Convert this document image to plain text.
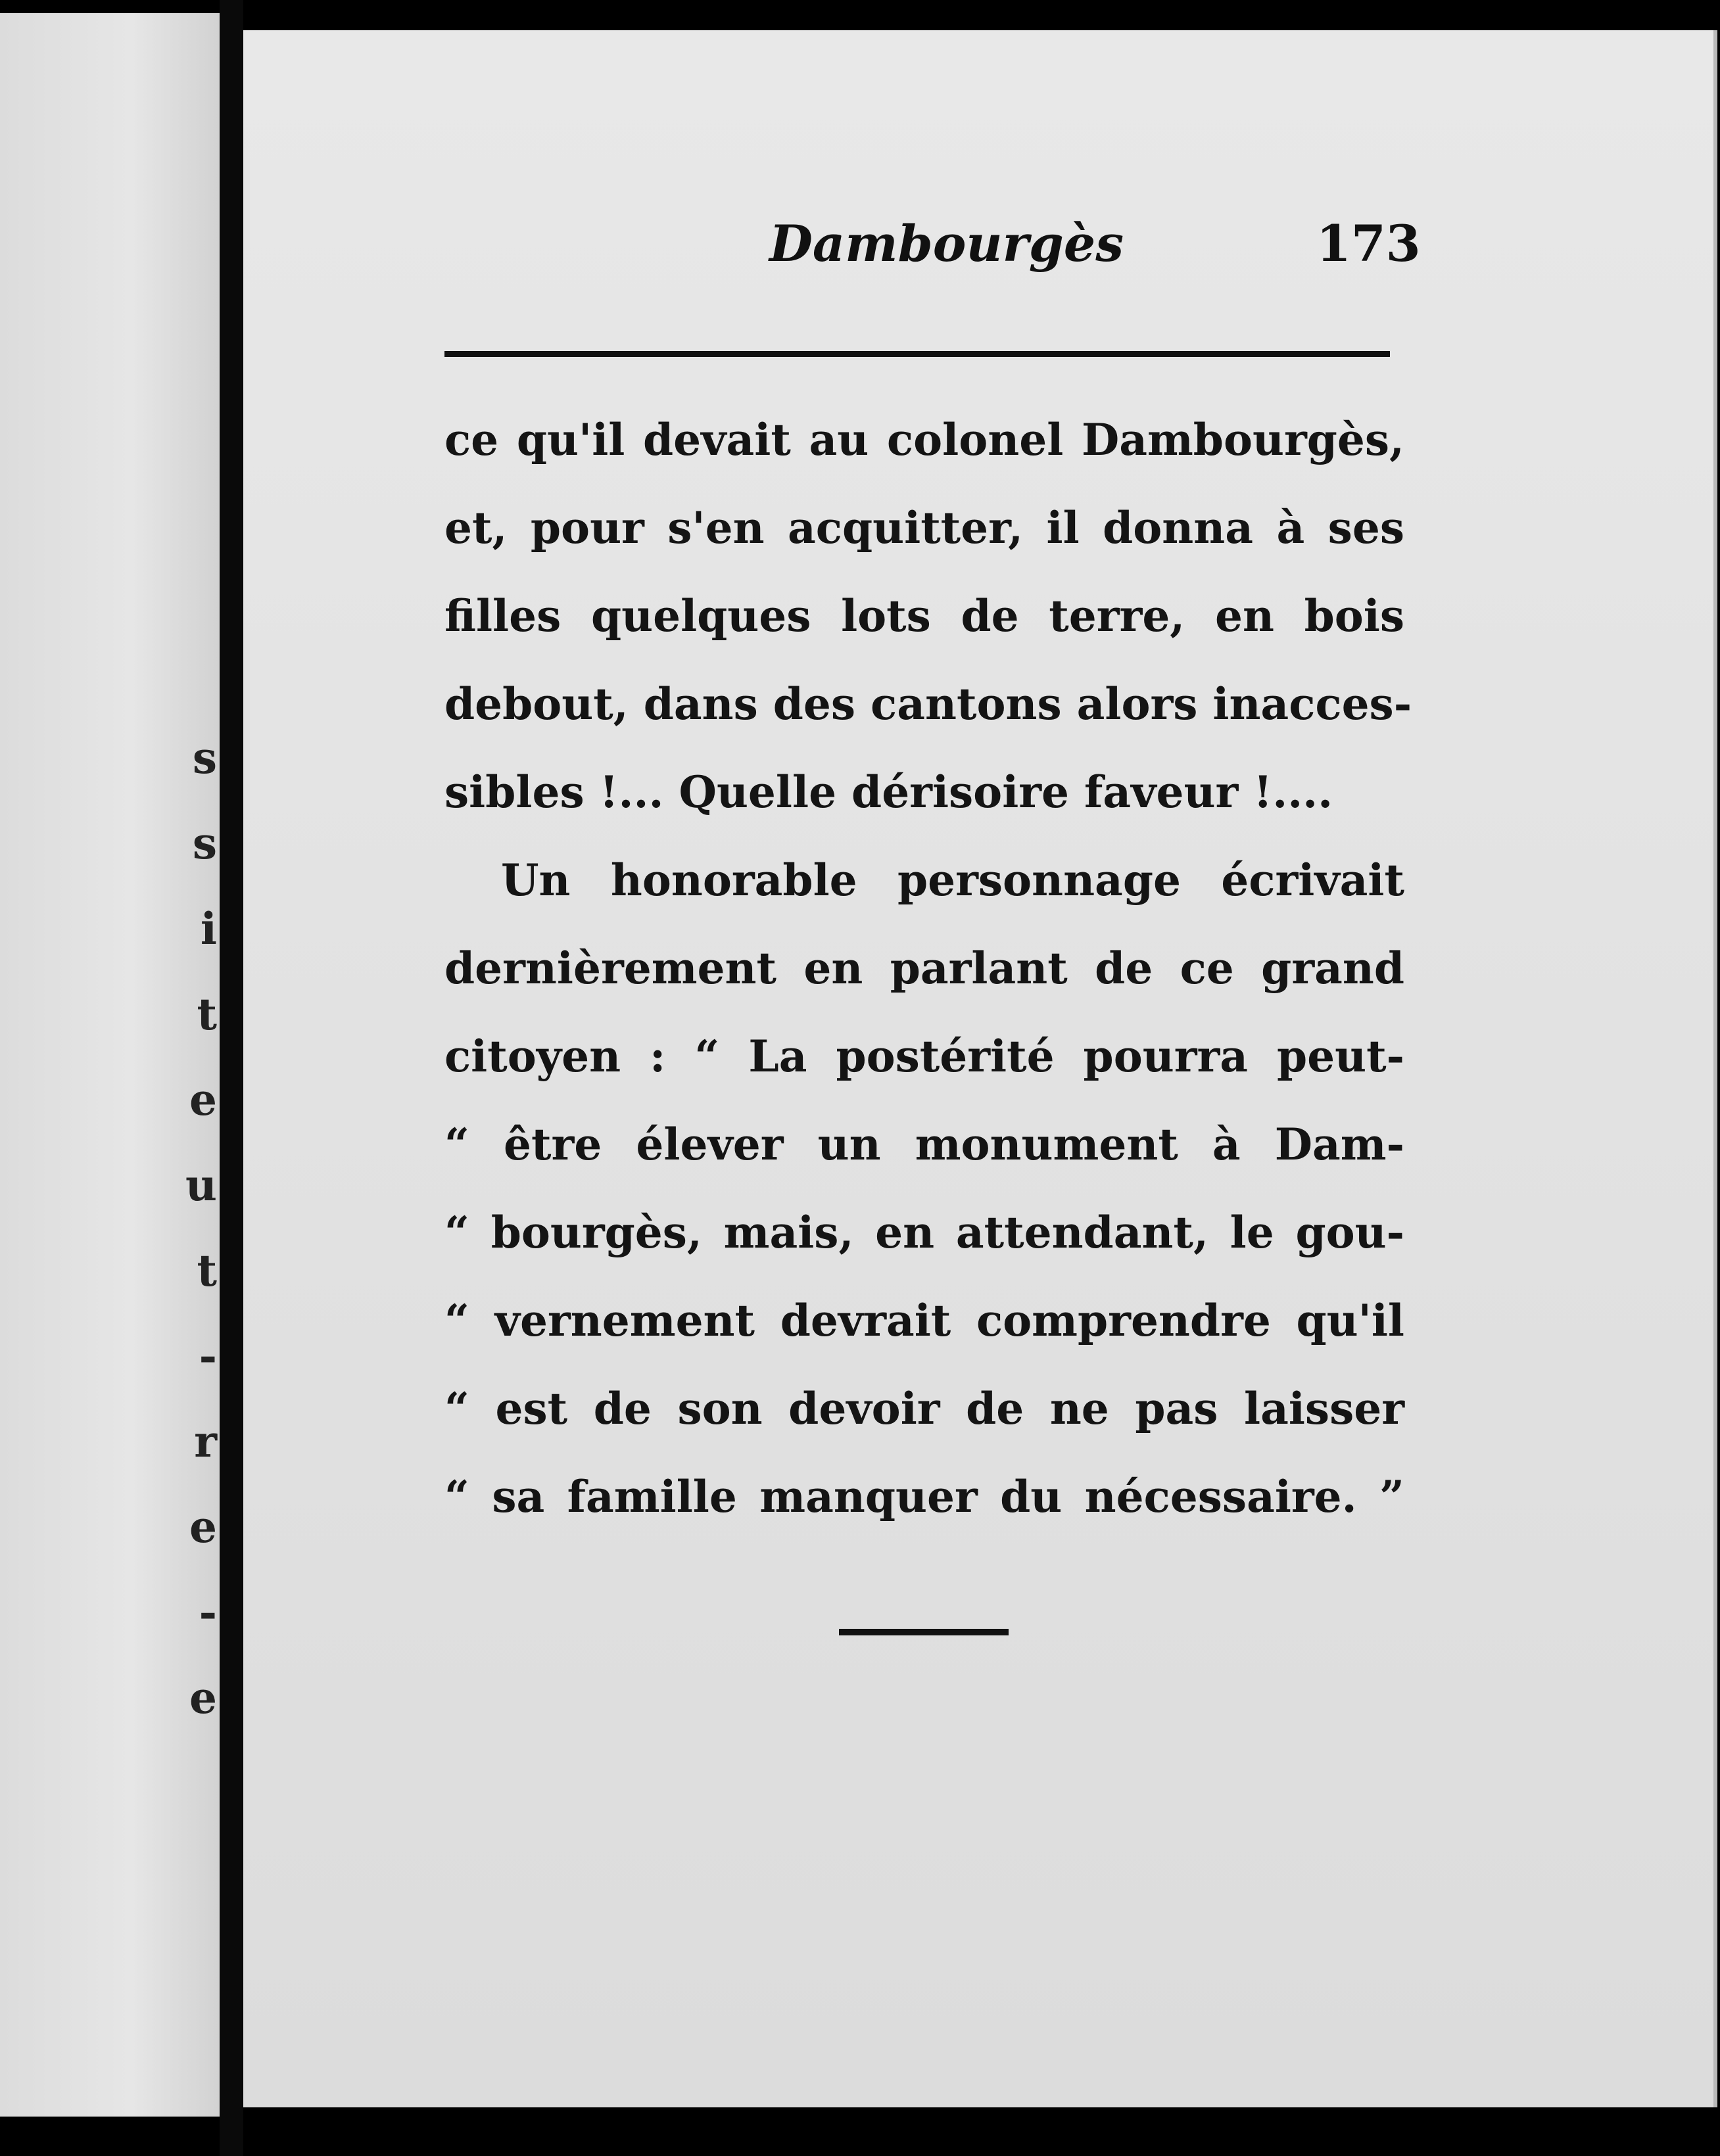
s
s
i
t
e
u
t
-
r
e
-
e
Dambourgès	173
ce qu'il devait au colonel Dambourgès,
et, pour s'en acquitter, il donna à ses
filles quelques lots de terre, en bois
debout, dans des cantons alors inacces-
sibles !... Quelle dérisoire faveur !....
Un honorable personnage écrivait
dernièrement en parlant de ce grand
citoyen : “ La postérité pourra peut-
“ être élever un monument à Dam-
“ bourgès, mais, en attendant, le gou-
“ vernement devrait comprendre qu'il
“ est de son devoir de ne pas laisser
“ sa famille manquer du nécessaire. ”
